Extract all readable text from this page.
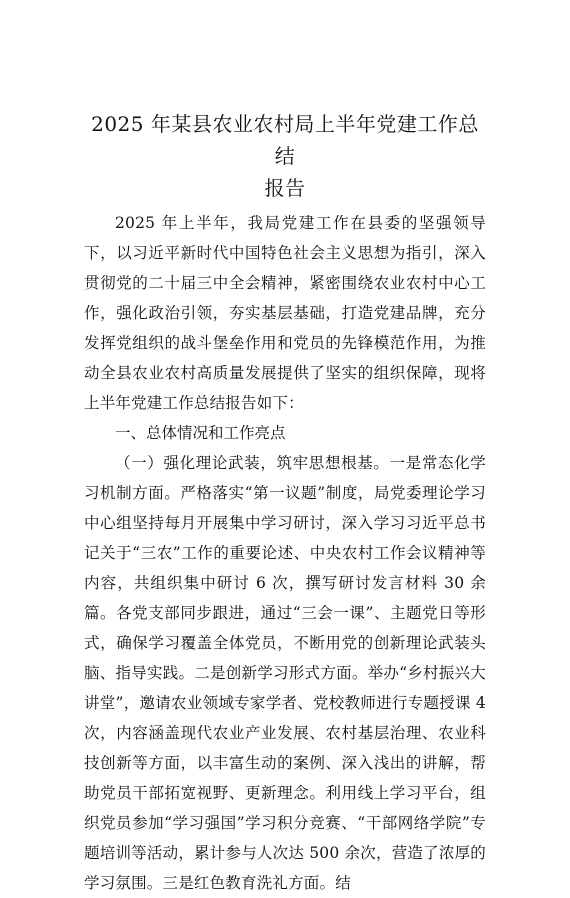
2025 年某县农业农村局上半年党建工作总结
报告

2025 年上半年，我局党建工作在县委的坚强领导下，以习近平新时代中国特色社会主义思想为指引，深入贯彻党的二十届三中全会精神，紧密围绕农业农村中心工作，强化政治引领，夯实基层基础，打造党建品牌，充分发挥党组织的战斗堡垒作用和党员的先锋模范作用，为推动全县农业农村高质量发展提供了坚实的组织保障，现将上半年党建工作总结报告如下：

一、总体情况和工作亮点

（一）强化理论武装，筑牢思想根基。一是常态化学习机制方面。严格落实“第一议题”制度，局党委理论学习中心组坚持每月开展集中学习研讨，深入学习习近平总书记关于“三农”工作的重要论述、中央农村工作会议精神等内容，共组织集中研讨 6 次，撰写研讨发言材料 30 余篇。各党支部同步跟进，通过“三会一课”、主题党日等形式，确保学习覆盖全体党员，不断用党的创新理论武装头脑、指导实践。二是创新学习形式方面。举办“乡村振兴大讲堂”，邀请农业领域专家学者、党校教师进行专题授课 4 次，内容涵盖现代农业产业发展、农村基层治理、农业科技创新等方面，以丰富生动的案例、深入浅出的讲解，帮助党员干部拓宽视野、更新理念。利用线上学习平台，组织党员参加“学习强国”学习积分竞赛、“干部网络学院”专题培训等活动，累计参与人次达 500 余次，营造了浓厚的学习氛围。三是红色教育洗礼方面。结
